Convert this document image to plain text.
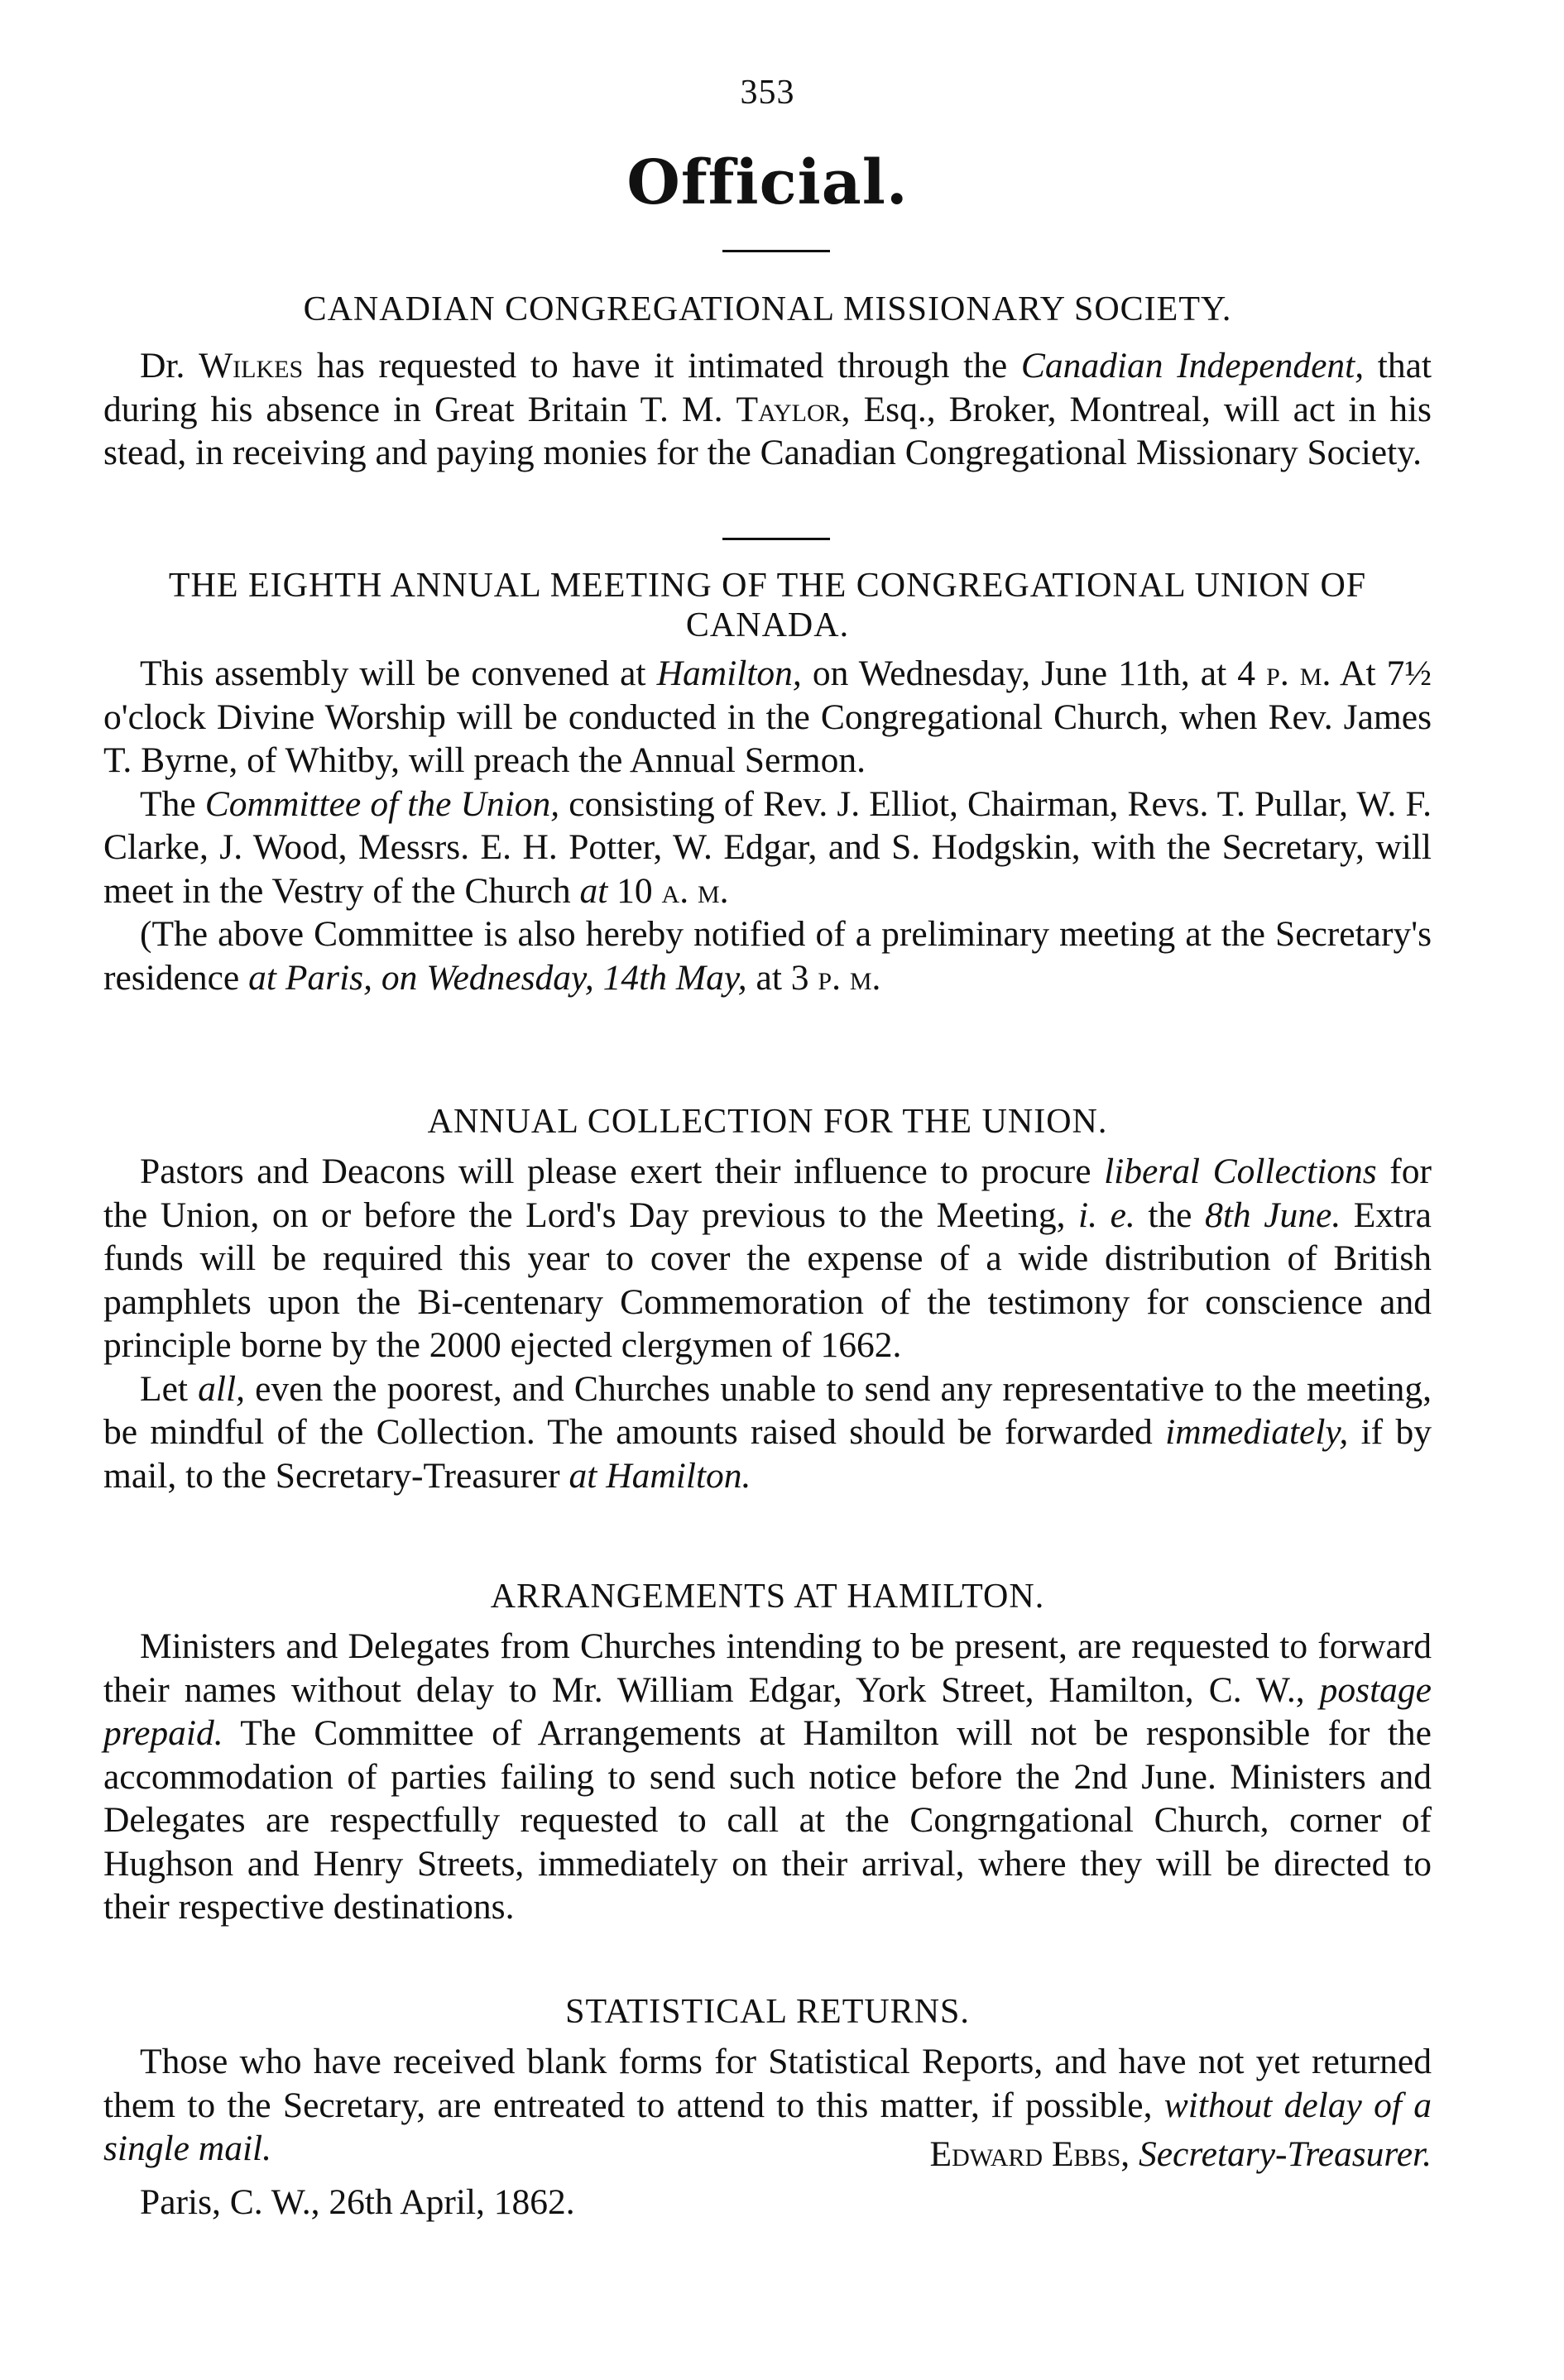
353
Official.
CANADIAN CONGREGATIONAL MISSIONARY SOCIETY.

Dr. Wilkes has requested to have it intimated through the Canadian Independent, that during his absence in Great Britain T. M. Taylor, Esq., Broker, Montreal, will act in his stead, in receiving and paying monies for the Canadian Congregational Missionary Society.

THE EIGHTH ANNUAL MEETING OF THE CONGREGATIONAL UNION OF CANADA.

This assembly will be convened at Hamilton, on Wednesday, June 11th, at 4 p. m. At 7½ o'clock Divine Worship will be conducted in the Congregational Church, when Rev. James T. Byrne, of Whitby, will preach the Annual Sermon.

The Committee of the Union, consisting of Rev. J. Elliot, Chairman, Revs. T. Pullar, W. F. Clarke, J. Wood, Messrs. E. H. Potter, W. Edgar, and S. Hodgskin, with the Secretary, will meet in the Vestry of the Church at 10 a. m.

(The above Committee is also hereby notified of a preliminary meeting at the Secretary's residence at Paris, on Wednesday, 14th May, at 3 p. m.

ANNUAL COLLECTION FOR THE UNION.

Pastors and Deacons will please exert their influence to procure liberal Collections for the Union, on or before the Lord's Day previous to the Meeting, i. e. the 8th June. Extra funds will be required this year to cover the expense of a wide distribution of British pamphlets upon the Bi-centenary Commemoration of the testimony for conscience and principle borne by the 2000 ejected clergymen of 1662.

Let all, even the poorest, and Churches unable to send any representative to the meeting, be mindful of the Collection. The amounts raised should be forwarded immediately, if by mail, to the Secretary-Treasurer at Hamilton.

ARRANGEMENTS AT HAMILTON.

Ministers and Delegates from Churches intending to be present, are requested to forward their names without delay to Mr. William Edgar, York Street, Hamilton, C. W., postage prepaid. The Committee of Arrangements at Hamilton will not be responsible for the accommodation of parties failing to send such notice before the 2nd June. Ministers and Delegates are respectfully requested to call at the Congrngational Church, corner of Hughson and Henry Streets, immediately on their arrival, where they will be directed to their respective destinations.

STATISTICAL RETURNS.

Those who have received blank forms for Statistical Reports, and have not yet returned them to the Secretary, are entreated to attend to this matter, if possible, without delay of a single mail.	Edward Ebbs, Secretary-Treasurer.
Paris, C. W., 26th April, 1862.
